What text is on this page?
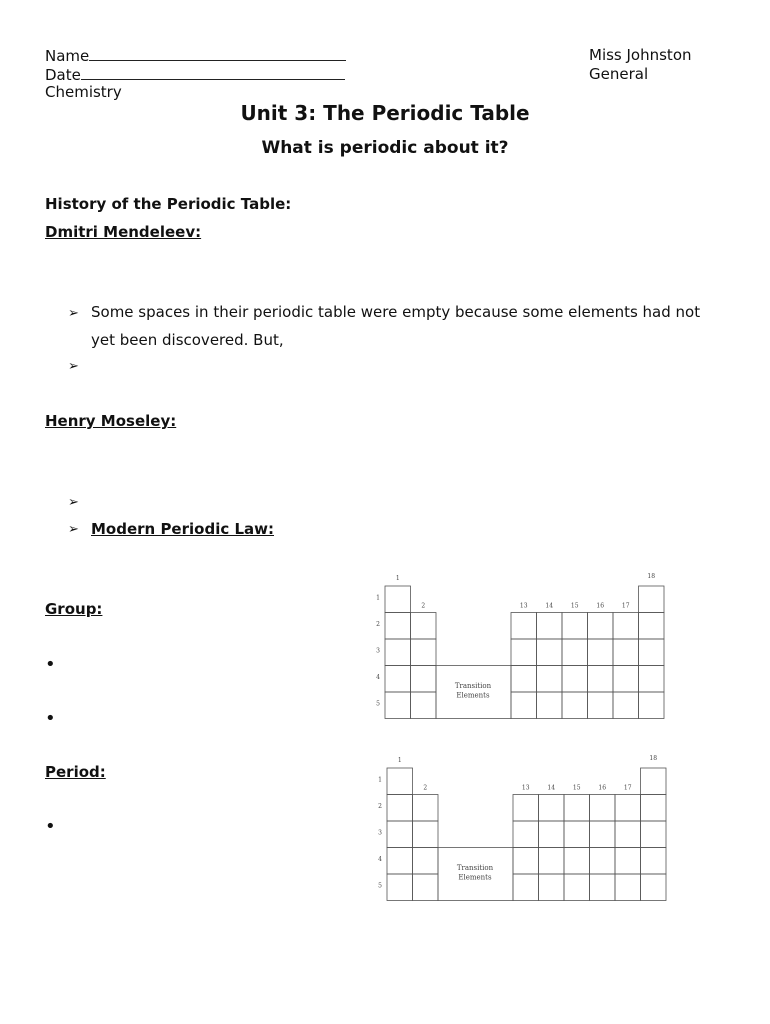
Name
Date
Chemistry
Miss Johnston
General
Unit 3: The Periodic Table
What is periodic about it?
History of the Periodic Table:
Dmitri Mendeleev:
➢ Some spaces in their periodic table were empty because some elements had not
yet been discovered. But,
➢
Henry Moseley:
➢
➢ Modern Periodic Law:
Group:
•
•
Period:
•
1
2	13	14	15	16	17
18
1
2
3
4
5
Transition
Elements
1
2	13	14	15	16	17
18
1
2
3
4
5
Transition
Elements
